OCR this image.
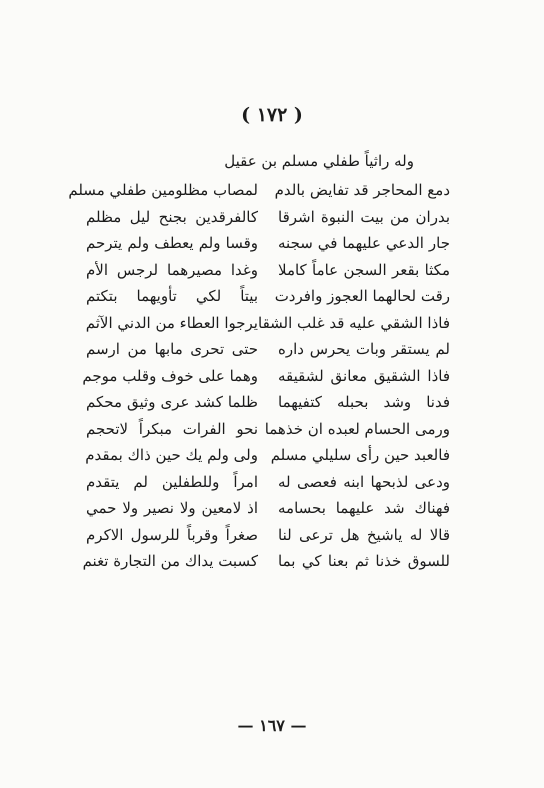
( ١٧٢ )
وله راثياً طفلي مسلم بن عقيل
دمع المحاجر قد تفايض بالدم
لمصاب مظلومين طفلي مسلم
بدران من بيت النبوة اشرقا
كالفرقدين بجنح ليل مظلم
جار الدعي عليهما في سجنه
وقسا ولم يعطف ولم يترحم
مكثا بقعر السجن عاماً كاملا
وغدا مصيرهما لرجس الأم
رقت لحالهما العجوز وافردت
بيتاً لكي تأويهما بتكتم
فاذا الشقي عليه قد غلب الشقا
يرجوا العطاء من الدني الآثم
لم يستقر وبات يحرس داره
حتى تحرى مابها من ارسم
فاذا الشقيق معانق لشقيقه
وهما على خوف وقلب موجم
فدنا وشد بحبله كتفيهما
ظلما كشد عرى وثيق محكم
ورمى الحسام لعبده ان خذهما
نحو الفرات مبكراً لاتحجم
فالعبد حين رأى سليلي مسلم
ولى ولم يك حين ذاك بمقدم
ودعى لذبحها ابنه فعصى له
امراً وللطفلين لم يتقدم
فهناك شد عليهما بحسامه
اذ لامعين ولا نصير ولا حمي
قالا له ياشيخ هل ترعى لنا
صغراً وقرباً للرسول الاكرم
للسوق خذنا ثم بعنا كي بما
كسبت يداك من التجارة تغنم
— ١٦٧ —
